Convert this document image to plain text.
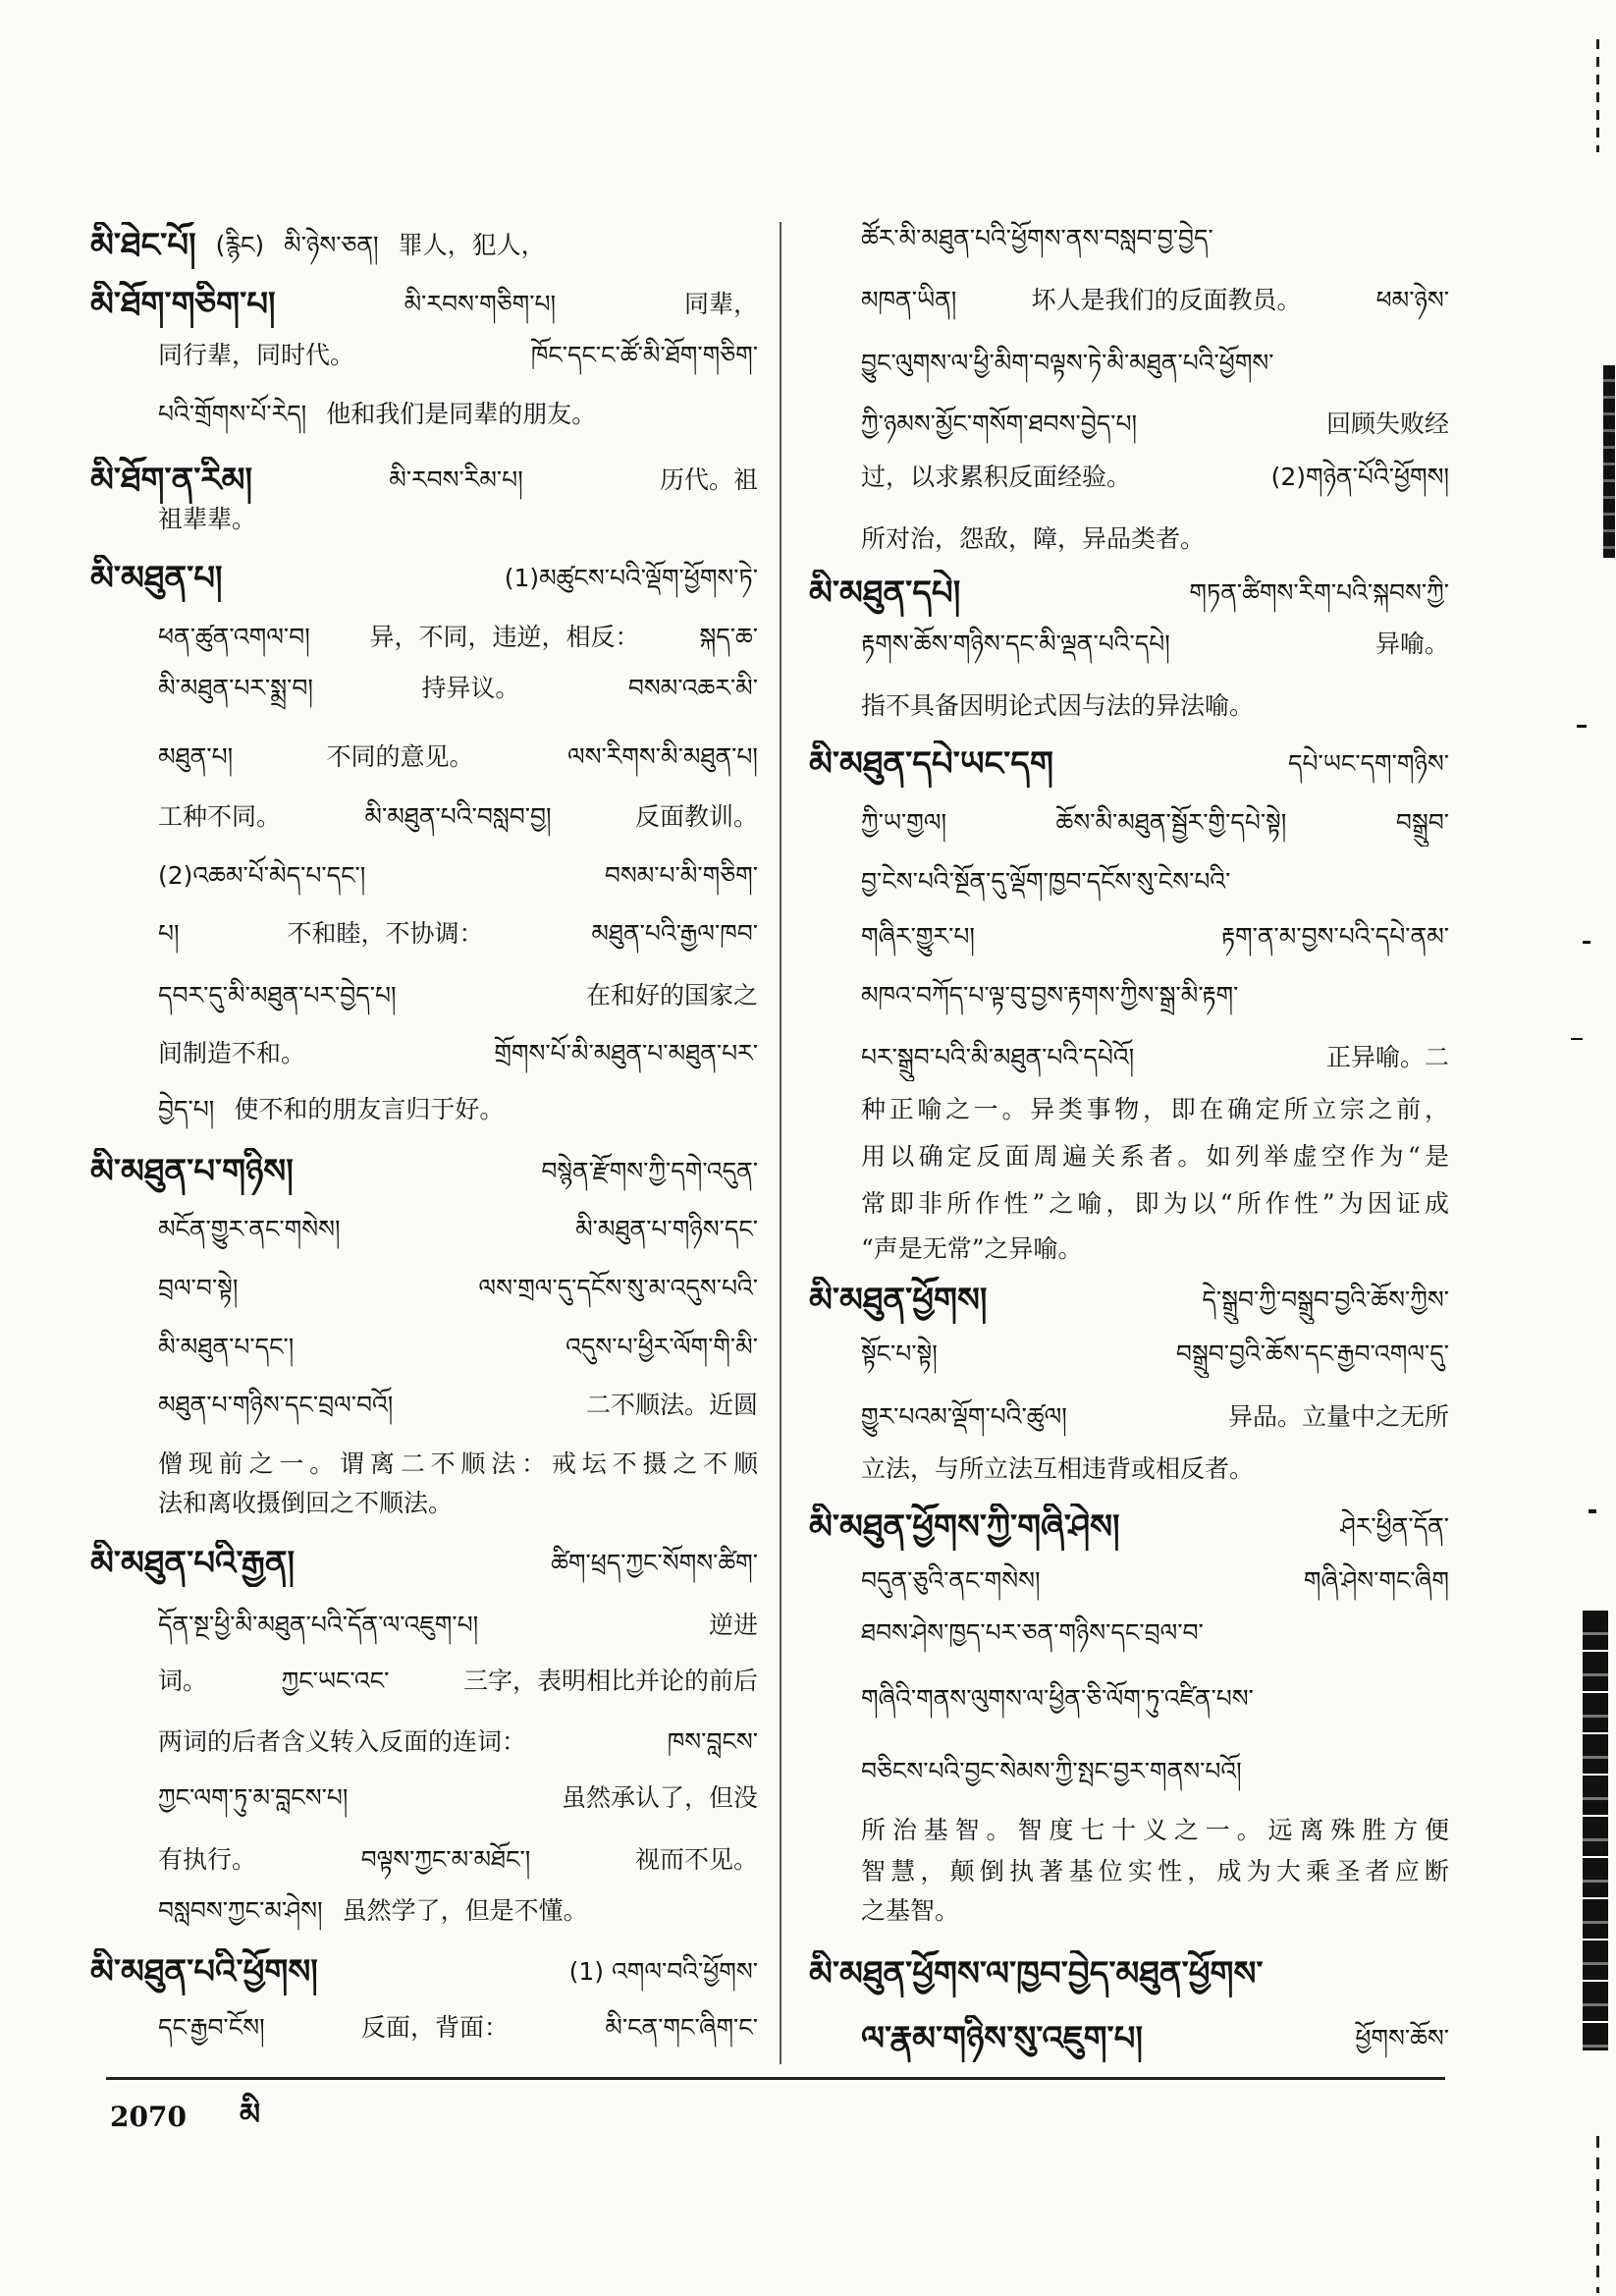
མི་ཐེང་པོ། (རྙིང) མི་ཉེས་ཅན། 罪人，犯人，
མི་ཐོག་གཅིག་པ།	མི་རབས་གཅིག་པ།	同辈，
同行辈，同时代。	ཁོང་དང་ང་ཚོ་མི་ཐོག་གཅིག་
པའི་གྲོགས་པོ་རེད། 他和我们是同辈的朋友。
མི་ཐོག་ན་རིམ།	མི་རབས་རིམ་པ།	历代。祖
祖辈辈。
མི་མཐུན་པ།	(1)མཚུངས་པའི་ལྡོག་ཕྱོགས་ཏེ་
ཕན་ཚུན་འགལ་བ། 异，不同，违逆，相反： སྐད་ཆ་
མི་མཐུན་པར་སྨྲ་བ།	持异议。	བསམ་འཆར་མི་
མཐུན་པ།	不同的意见。	ལས་རིགས་མི་མཐུན་པ།
工种不同。	མི་མཐུན་པའི་བསླབ་བྱ།	反面教训。
(2)འཆམ་པོ་མེད་པ་དང་།	བསམ་པ་མི་གཅིག་
པ།	不和睦，不协调：	མཐུན་པའི་རྒྱལ་ཁབ་
དབར་དུ་མི་མཐུན་པར་བྱེད་པ།	在和好的国家之
间制造不和。	གྲོགས་པོ་མི་མཐུན་པ་མཐུན་པར་
བྱེད་པ། 使不和的朋友言归于好。
མི་མཐུན་པ་གཉིས།	བསྙེན་རྫོགས་ཀྱི་དགེ་འདུན་
མངོན་གྱུར་ནང་གསེས།	མི་མཐུན་པ་གཉིས་དང་
བྲལ་བ་སྟེ།	ལས་གྲལ་དུ་དངོས་སུ་མ་འདུས་པའི་
མི་མཐུན་པ་དང་།	འདུས་པ་ཕྱིར་ལོག་གི་མི་
མཐུན་པ་གཉིས་དང་བྲལ་བའོ།	二不顺法。近圆
僧现前之一。谓离二不顺法：戒坛不摄之不顺
法和离收摄倒回之不顺法。
མི་མཐུན་པའི་རྒྱན།	ཚིག་ཕྲད་ཀྱང་སོགས་ཚིག་
དོན་སྔ་ཕྱི་མི་མཐུན་པའི་དོན་ལ་འཇུག་པ།	逆进
词。	ཀྱང་ཡང་འང་	三字，表明相比并论的前后
两词的后者含义转入反面的连词：	ཁས་བླངས་
ཀྱང་ལག་ཏུ་མ་བླངས་པ།	虽然承认了，但没
有执行。	བལྟས་ཀྱང་མ་མཐོང་།	视而不见。
བསླབས་ཀྱང་མ་ཤེས། 虽然学了，但是不懂。
མི་མཐུན་པའི་ཕྱོགས།	(1) འགལ་བའི་ཕྱོགས་
དང་རྒྱབ་ངོས།	反面，背面：	མི་ངན་གང་ཞིག་ང་
ཚོར་མི་མཐུན་པའི་ཕྱོགས་ནས་བསླབ་བྱ་བྱེད་
མཁན་ཡིན།	坏人是我们的反面教员。	ཕམ་ཉེས་
བྱུང་ལུགས་ལ་ཕྱི་མིག་བལྟས་ཏེ་མི་མཐུན་པའི་ཕྱོགས་
ཀྱི་ཉམས་མྱོང་གསོག་ཐབས་བྱེད་པ།	回顾失败经
过，以求累积反面经验。	(2)གཉེན་པོའི་ཕྱོགས།
所对治，怨敌，障，异品类者。
མི་མཐུན་དཔེ།	གཏན་ཚིགས་རིག་པའི་སྐབས་ཀྱི་
རྟགས་ཆོས་གཉིས་དང་མི་ལྡན་པའི་དཔེ།	异喻。
指不具备因明论式因与法的异法喻。
མི་མཐུན་དཔེ་ཡང་དག	དཔེ་ཡང་དག་གཉིས་
ཀྱི་ཡ་གྱལ།	ཆོས་མི་མཐུན་སྦྱོར་གྱི་དཔེ་སྟེ།	བསྒྲུབ་
བྱ་ངེས་པའི་སྔོན་དུ་ལྡོག་ཁྱབ་དངོས་སུ་ངེས་པའི་
གཞིར་གྱུར་པ།	རྟག་ན་མ་བྱས་པའི་དཔེ་ནམ་
མཁའ་བཀོད་པ་ལྟ་བུ་བྱས་རྟགས་ཀྱིས་སྒྲ་མི་རྟག་
པར་སྒྲུབ་པའི་མི་མཐུན་པའི་དཔེའོ།	正异喻。二
种正喻之一。异类事物，即在确定所立宗之前，
用以确定反面周遍关系者。如列举虚空作为“是
常即非所作性”之喻，即为以“所作性”为因证成
“声是无常”之异喻。
མི་མཐུན་ཕྱོགས།	དེ་སྒྲུབ་ཀྱི་བསྒྲུབ་བྱའི་ཆོས་ཀྱིས་
སྟོང་པ་སྟེ།	བསྒྲུབ་བྱའི་ཆོས་དང་རྒྱབ་འགལ་དུ་
གྱུར་པའམ་ལྡོག་པའི་ཚུལ།	异品。立量中之无所
立法，与所立法互相违背或相反者。
མི་མཐུན་ཕྱོགས་ཀྱི་གཞི་ཤེས།	ཤེར་ཕྱིན་དོན་
བདུན་ཅུའི་ནང་གསེས།	གཞི་ཤེས་གང་ཞིག
ཐབས་ཤེས་ཁྱད་པར་ཅན་གཉིས་དང་བྲལ་བ་
གཞིའི་གནས་ལུགས་ལ་ཕྱིན་ཅི་ལོག་ཏུ་འཛིན་པས་
བཅིངས་པའི་བྱང་སེམས་ཀྱི་སྤང་བྱར་གནས་པའོ།
所治基智。智度七十义之一。远离殊胜方便
智慧，颠倒执著基位实性，成为大乘圣者应断
之基智。
མི་མཐུན་ཕྱོགས་ལ་ཁྱབ་བྱེད་མཐུན་ཕྱོགས་
ལ་རྣམ་གཉིས་སུ་འཇུག་པ།	ཕྱོགས་ཆོས་
2070 མི
